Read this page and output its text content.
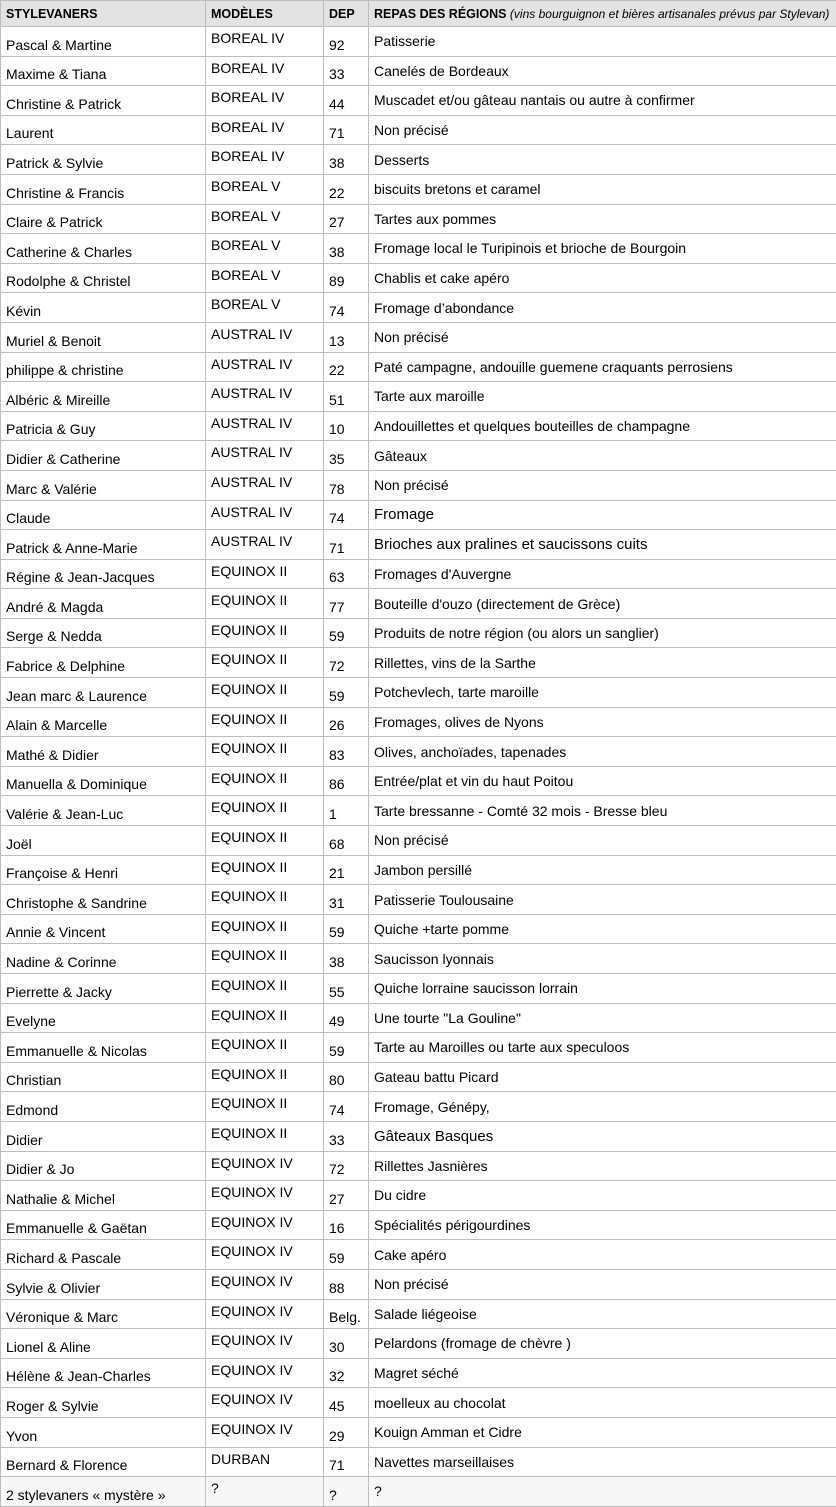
STYLEVANERS	MODÈLES	DEP	REPAS DES RÉGIONS (vins bourguignon et bières artisanales prévus par Stylevan)
Pascal & Martine	BOREAL IV	92	Patisserie
Maxime & Tiana	BOREAL IV	33	Canelés de Bordeaux
Christine & Patrick	BOREAL IV	44	Muscadet et/ou gâteau nantais ou autre à confirmer
Laurent	BOREAL IV	71	Non précisé
Patrick & Sylvie	BOREAL IV	38	Desserts
Christine & Francis	BOREAL V	22	biscuits bretons et caramel
Claire & Patrick	BOREAL V	27	Tartes aux pommes
Catherine & Charles	BOREAL V	38	Fromage local le Turipinois et brioche de Bourgoin
Rodolphe & Christel	BOREAL V	89	Chablis et cake apéro
Kévin	BOREAL V	74	Fromage d’abondance
Muriel & Benoit	AUSTRAL IV	13	Non précisé
philippe & christine	AUSTRAL IV	22	Paté campagne, andouille guemene craquants perrosiens
Albéric & Mireille	AUSTRAL IV	51	Tarte aux maroille
Patricia & Guy	AUSTRAL IV	10	Andouillettes et quelques bouteilles de champagne
Didier & Catherine	AUSTRAL IV	35	Gâteaux
Marc & Valérie	AUSTRAL IV	78	Non précisé
Claude	AUSTRAL IV	74	Fromage
Patrick & Anne-Marie	AUSTRAL IV	71	Brioches aux pralines et saucissons cuits
Régine & Jean-Jacques	EQUINOX II	63	Fromages d'Auvergne
André & Magda	EQUINOX II	77	Bouteille d'ouzo (directement de Grèce)
Serge & Nedda	EQUINOX II	59	Produits de notre région (ou alors un sanglier)
Fabrice & Delphine	EQUINOX II	72	Rillettes, vins de la Sarthe
Jean marc & Laurence	EQUINOX II	59	Potchevlech, tarte maroille
Alain & Marcelle	EQUINOX II	26	Fromages, olives de Nyons
Mathé & Didier	EQUINOX II	83	Olives, anchoïades, tapenades
Manuella & Dominique	EQUINOX II	86	Entrée/plat et vin du haut Poitou
Valérie & Jean-Luc	EQUINOX II	1	Tarte bressanne - Comté 32 mois - Bresse bleu
Joël	EQUINOX II	68	Non précisé
Françoise & Henri	EQUINOX II	21	Jambon persillé
Christophe & Sandrine	EQUINOX II	31	Patisserie Toulousaine
Annie & Vincent	EQUINOX II	59	Quiche +tarte pomme
Nadine & Corinne	EQUINOX II	38	Saucisson lyonnais
Pierrette & Jacky	EQUINOX II	55	Quiche lorraine saucisson lorrain
Evelyne	EQUINOX II	49	Une tourte "La Gouline"
Emmanuelle & Nicolas	EQUINOX II	59	Tarte au Maroilles ou tarte aux speculoos
Christian	EQUINOX II	80	Gateau battu Picard
Edmond	EQUINOX II	74	Fromage, Génépy,
Didier	EQUINOX II	33	Gâteaux Basques
Didier & Jo	EQUINOX IV	72	Rillettes Jasnières
Nathalie & Michel	EQUINOX IV	27	Du cidre
Emmanuelle & Gaëtan	EQUINOX IV	16	Spécialités périgourdines
Richard & Pascale	EQUINOX IV	59	Cake apéro
Sylvie & Olivier	EQUINOX IV	88	Non précisé
Véronique & Marc	EQUINOX IV	Belg.	Salade liégeoise
Lionel & Aline	EQUINOX IV	30	Pelardons (fromage de chèvre )
Hélène & Jean-Charles	EQUINOX IV	32	Magret séché
Roger & Sylvie	EQUINOX IV	45	moelleux au chocolat
Yvon	EQUINOX IV	29	Kouign Amman et Cidre
Bernard & Florence	DURBAN	71	Navettes marseillaises
2 stylevaners « mystère »	?	?	?
